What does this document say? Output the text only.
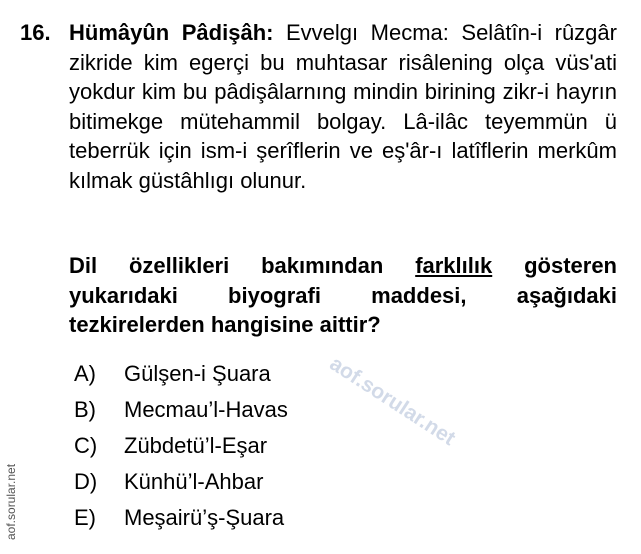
16. Hümâyûn Pâdişâh: Evvelgı Mecma: Selâtîn-i rûzgâr zikride kim egerçi bu muhtasar risâlening olça vüs'ati yokdur kim bu pâdişâlarnıng mindin birining zikr-i hayrın bitimekge mütehammil bolgay. Lâ-ilâc teyemmün ü teberrük için ism-i şerîflerin ve eş'âr-ı latîflerin merkûm kılmak güstâhlıgı olunur.
Dil özellikleri bakımından farklılık gösteren yukarıdaki biyografi maddesi, aşağıdaki tezkirelerden hangisine aittir?
aof.sorular.net
A) Gülşen-i Şuara
B) Mecmau’l-Havas
C) Zübdetü’l-Eşar
D) Künhü’l-Ahbar
E) Meşairü’ş-Şuara
aof.sorular.net
